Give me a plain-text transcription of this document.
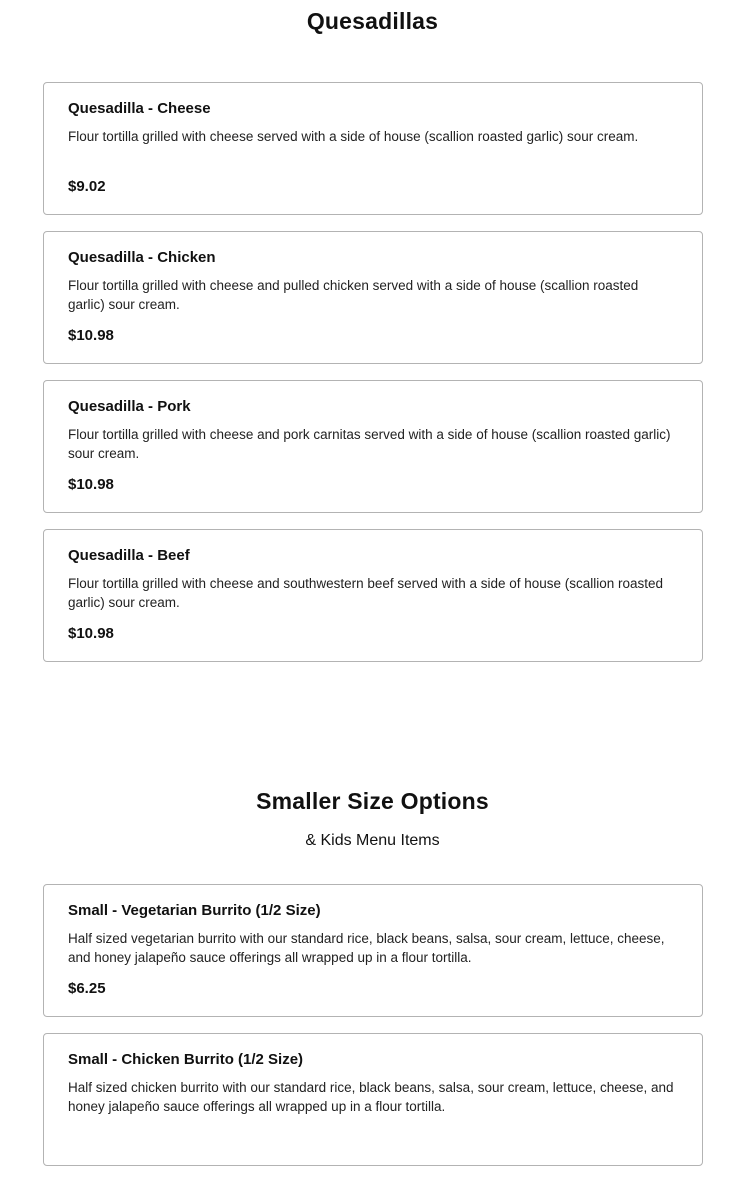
Quesadillas

Quesadilla - Cheese

Flour tortilla grilled with cheese served with a side of house (scallion roasted garlic) sour cream.

$9.02

Quesadilla - Chicken

Flour tortilla grilled with cheese and pulled chicken served with a side of house (scallion roasted garlic) sour cream.

$10.98

Quesadilla - Pork

Flour tortilla grilled with cheese and pork carnitas served with a side of house (scallion roasted garlic) sour cream.

$10.98

Quesadilla - Beef

Flour tortilla grilled with cheese and southwestern beef served with a side of house (scallion roasted garlic) sour cream.

$10.98

Smaller Size Options

& Kids Menu Items

Small - Vegetarian Burrito (1/2 Size)

Half sized vegetarian burrito with our standard rice, black beans, salsa, sour cream, lettuce, cheese, and honey jalapeño sauce offerings all wrapped up in a flour tortilla.

$6.25

Small - Chicken Burrito (1/2 Size)

Half sized chicken burrito with our standard rice, black beans, salsa, sour cream, lettuce, cheese, and honey jalapeño sauce offerings all wrapped up in a flour tortilla.
